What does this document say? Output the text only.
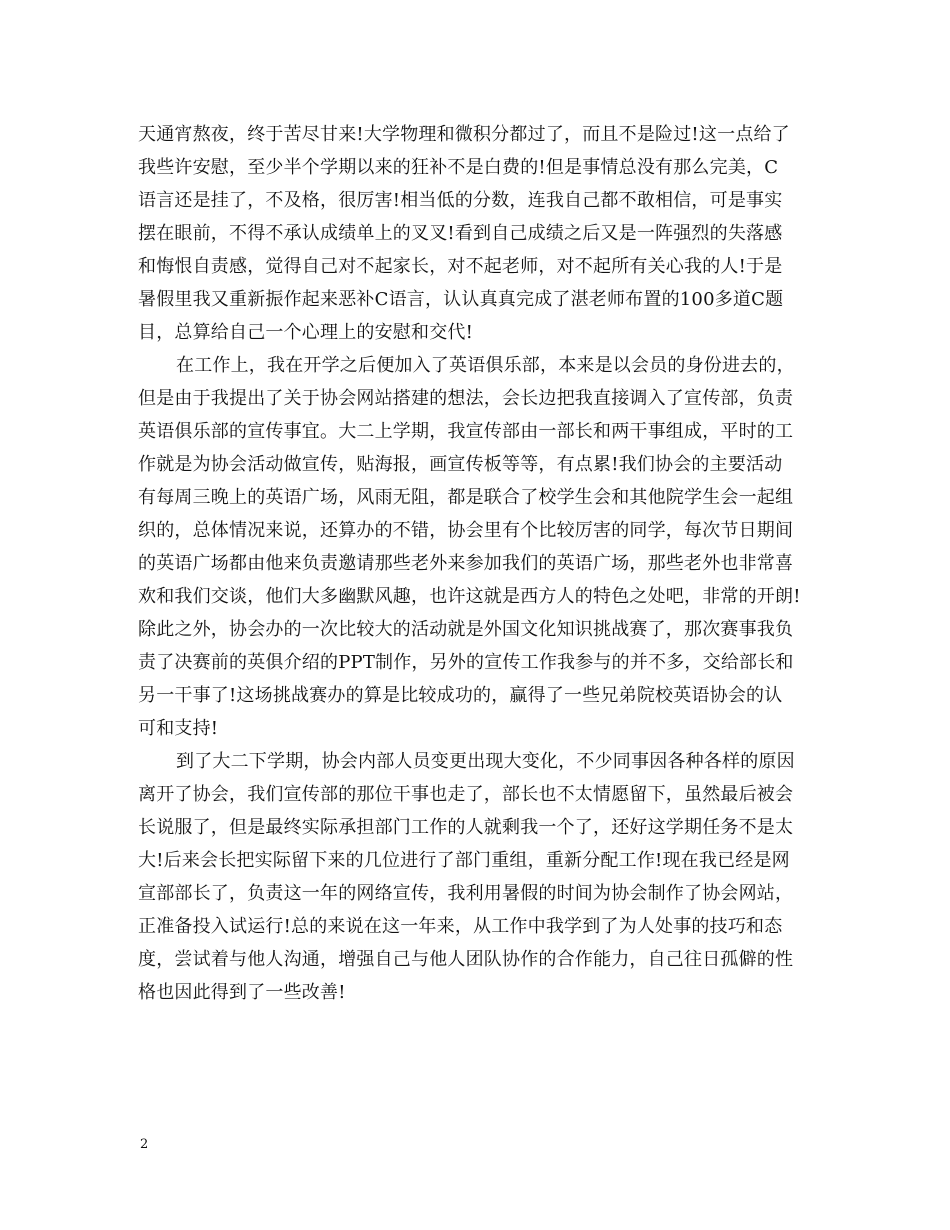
天通宵熬夜，终于苦尽甘来!大学物理和微积分都过了，而且不是险过!这一点给了
我些许安慰，至少半个学期以来的狂补不是白费的!但是事情总没有那么完美，C
语言还是挂了，不及格，很厉害!相当低的分数，连我自己都不敢相信，可是事实
摆在眼前，不得不承认成绩单上的叉叉!看到自己成绩之后又是一阵强烈的失落感
和悔恨自责感，觉得自己对不起家长，对不起老师，对不起所有关心我的人!于是
暑假里我又重新振作起来恶补C语言，认认真真完成了湛老师布置的100多道C题
目，总算给自己一个心理上的安慰和交代!
在工作上，我在开学之后便加入了英语俱乐部，本来是以会员的身份进去的，
但是由于我提出了关于协会网站搭建的想法，会长边把我直接调入了宣传部，负责
英语俱乐部的宣传事宜。大二上学期，我宣传部由一部长和两干事组成，平时的工
作就是为协会活动做宣传，贴海报，画宣传板等等，有点累!我们协会的主要活动
有每周三晚上的英语广场，风雨无阻，都是联合了校学生会和其他院学生会一起组
织的，总体情况来说，还算办的不错，协会里有个比较厉害的同学，每次节日期间
的英语广场都由他来负责邀请那些老外来参加我们的英语广场，那些老外也非常喜
欢和我们交谈，他们大多幽默风趣，也许这就是西方人的特色之处吧，非常的开朗!
除此之外，协会办的一次比较大的活动就是外国文化知识挑战赛了，那次赛事我负
责了决赛前的英俱介绍的PPT制作，另外的宣传工作我参与的并不多，交给部长和
另一干事了!这场挑战赛办的算是比较成功的，赢得了一些兄弟院校英语协会的认
可和支持!
到了大二下学期，协会内部人员变更出现大变化，不少同事因各种各样的原因
离开了协会，我们宣传部的那位干事也走了，部长也不太情愿留下，虽然最后被会
长说服了，但是最终实际承担部门工作的人就剩我一个了，还好这学期任务不是太
大!后来会长把实际留下来的几位进行了部门重组，重新分配工作!现在我已经是网
宣部部长了，负责这一年的网络宣传，我利用暑假的时间为协会制作了协会网站，
正准备投入试运行!总的来说在这一年来，从工作中我学到了为人处事的技巧和态
度，尝试着与他人沟通，增强自己与他人团队协作的合作能力，自己往日孤僻的性
格也因此得到了一些改善!
2
